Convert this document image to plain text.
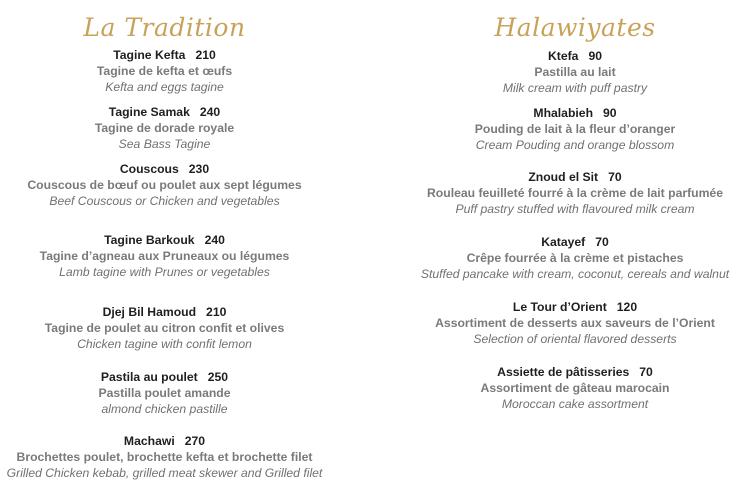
La Tradition
Tagine Kefta 210
Tagine de kefta et œufs
Kefta and eggs tagine
Tagine Samak 240
Tagine de dorade royale
Sea Bass Tagine
Couscous 230
Couscous de bœuf ou poulet aux sept légumes
Beef Couscous or Chicken and vegetables
Tagine Barkouk 240
Tagine d’agneau aux Pruneaux ou légumes
Lamb tagine with Prunes or vegetables
Djej Bil Hamoud 210
Tagine de poulet au citron confit et olives
Chicken tagine with confit lemon
Pastila au poulet 250
Pastilla poulet amande
almond chicken pastille
Machawi 270
Brochettes poulet, brochette kefta et brochette filet
Grilled Chicken kebab, grilled meat skewer and Grilled filet
Halawiyates
Ktefa 90
Pastilla au lait
Milk cream with puff pastry
Mhalabieh 90
Pouding de lait à la fleur d’oranger
Cream Pouding and orange blossom
Znoud el Sit 70
Rouleau feuilleté fourré à la crème de lait parfumée
Puff pastry stuffed with flavoured milk cream
Katayef 70
Crêpe fourrée à la crème et pistaches
Stuffed pancake with cream, coconut, cereals and walnut
Le Tour d’Orient 120
Assortiment de desserts aux saveurs de l’Orient
Selection of oriental flavored desserts
Assiette de pâtisseries 70
Assortiment de gâteau marocain
Moroccan cake assortment
